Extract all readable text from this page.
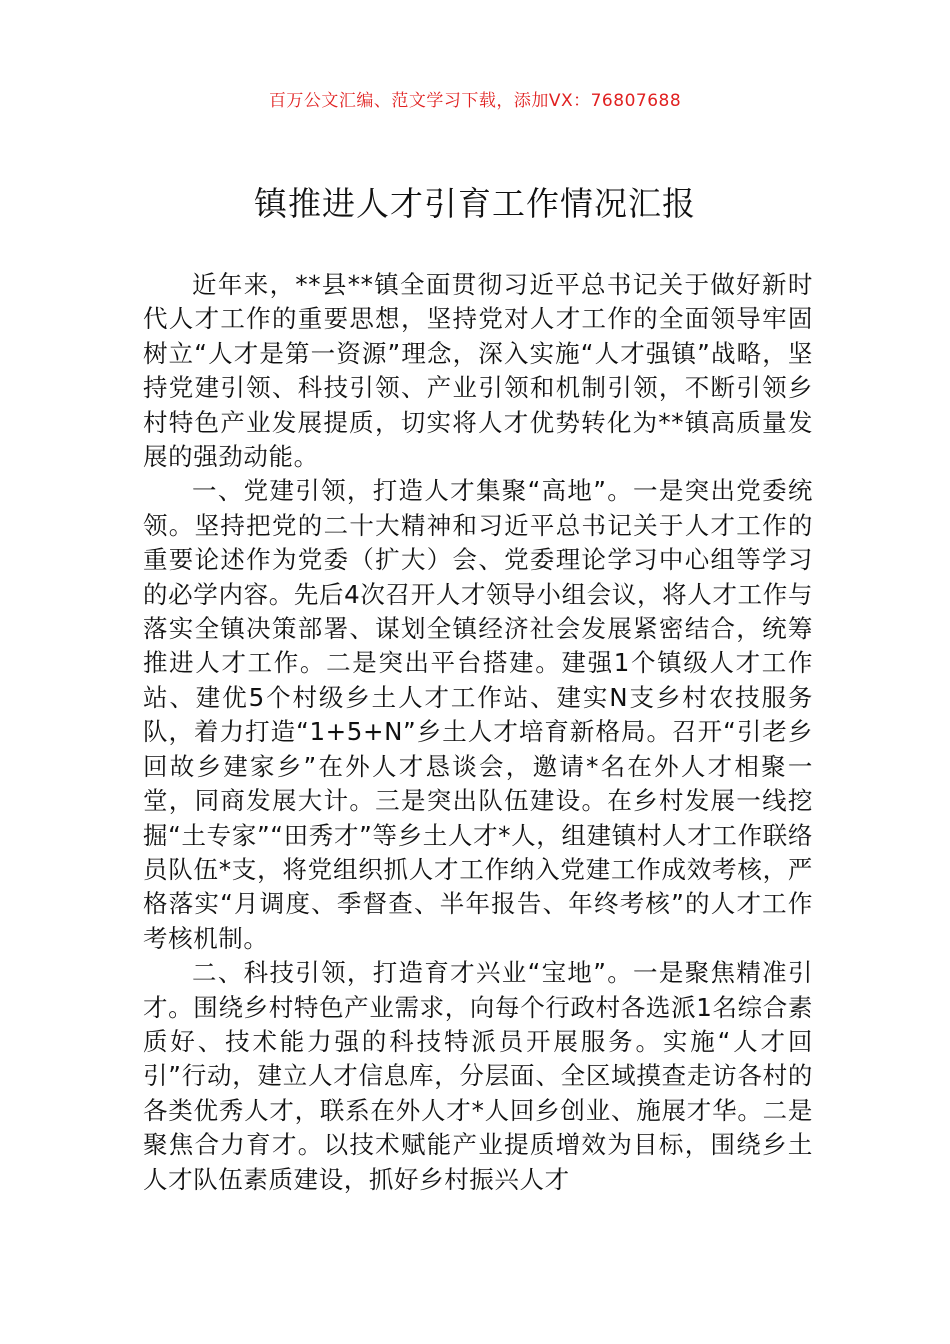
百万公文汇编、范文学习下载，添加VX：76807688
镇推进人才引育工作情况汇报

近年来，**县**镇全面贯彻习近平总书记关于做好新时代人才工作的重要思想，坚持党对人才工作的全面领导牢固树立“人才是第一资源”理念，深入实施“人才强镇”战略，坚持党建引领、科技引领、产业引领和机制引领，不断引领乡村特色产业发展提质，切实将人才优势转化为**镇高质量发展的强劲动能。

一、党建引领，打造人才集聚“高地”。一是突出党委统领。坚持把党的二十大精神和习近平总书记关于人才工作的重要论述作为党委（扩大）会、党委理论学习中心组等学习的必学内容。先后4次召开人才领导小组会议，将人才工作与落实全镇决策部署、谋划全镇经济社会发展紧密结合，统筹推进人才工作。二是突出平台搭建。建强1个镇级人才工作站、建优5个村级乡土人才工作站、建实N支乡村农技服务队，着力打造“1+5+N”乡土人才培育新格局。召开“引老乡回故乡建家乡”在外人才恳谈会，邀请*名在外人才相聚一堂，同商发展大计。三是突出队伍建设。在乡村发展一线挖掘“土专家”“田秀才”等乡土人才*人，组建镇村人才工作联络员队伍*支，将党组织抓人才工作纳入党建工作成效考核，严格落实“月调度、季督查、半年报告、年终考核”的人才工作考核机制。

二、科技引领，打造育才兴业“宝地”。一是聚焦精准引才。围绕乡村特色产业需求，向每个行政村各选派1名综合素质好、技术能力强的科技特派员开展服务。实施“人才回引”行动，建立人才信息库，分层面、全区域摸查走访各村的各类优秀人才，联系在外人才*人回乡创业、施展才华。二是聚焦合力育才。以技术赋能产业提质增效为目标，围绕乡土人才队伍素质建设，抓好乡村振兴人才
